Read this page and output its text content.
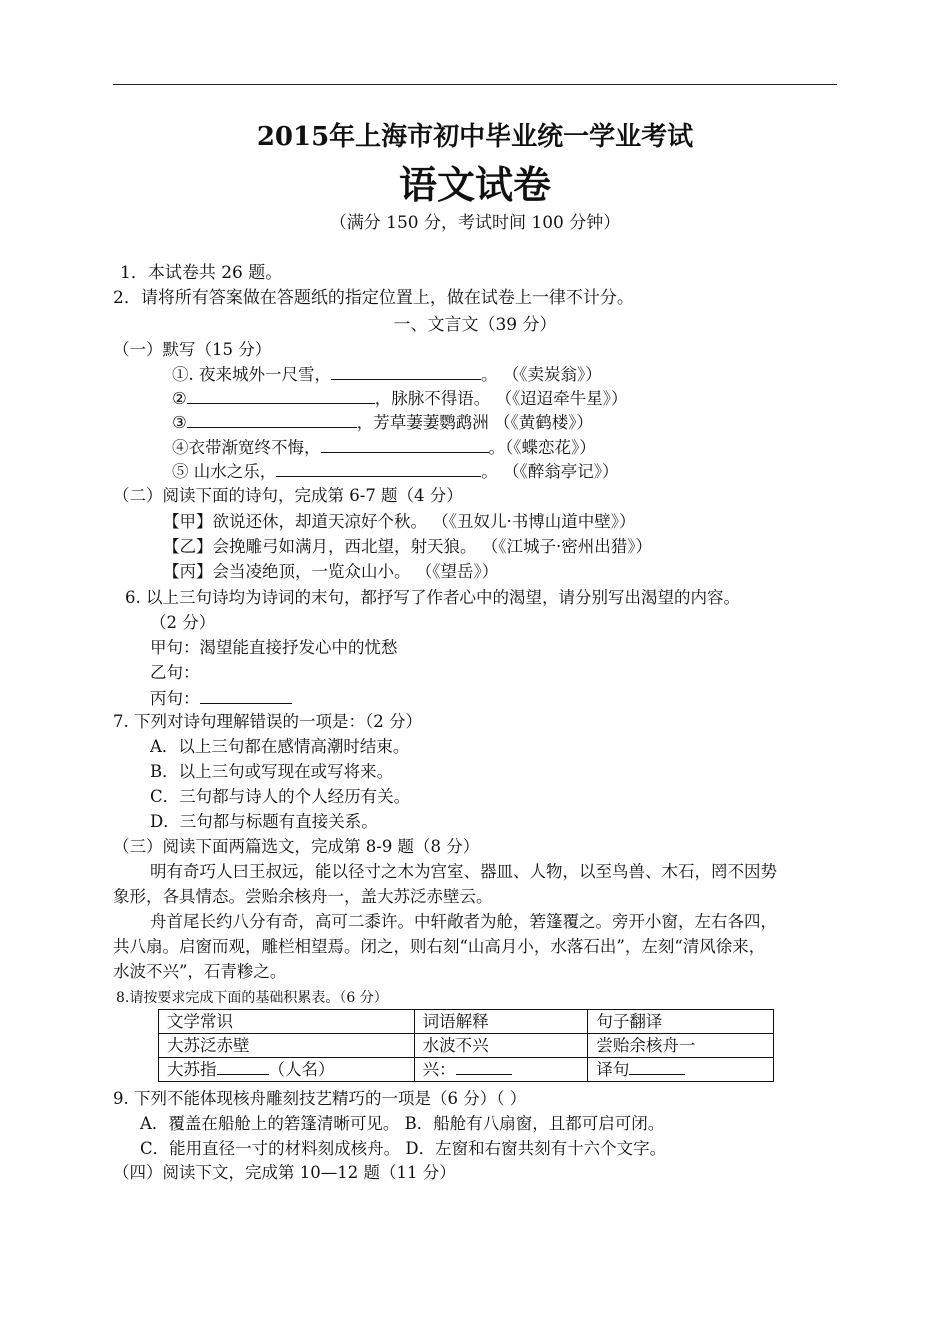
2015年上海市初中毕业统一学业考试
语文试卷
（满分 150 分，考试时间 100 分钟）
1．本试卷共 26 题。
2．请将所有答案做在答题纸的指定位置上，做在试卷上一律不计分。
一、文言文（39 分）
（一）默写（15 分）
①. 夜来城外一尺雪，	。 （《卖炭翁》）
②	，脉脉不得语。 （《迢迢牵牛星》）
③	，芳草萋萋鹦鹉洲 （《黄鹤楼》）
④衣带渐宽终不悔，	。（《蝶恋花》）
⑤ 山水之乐，	。 （《醉翁亭记》）
（二）阅读下面的诗句，完成第 6-7 题（4 分）
【甲】欲说还休，却道天凉好个秋。 （《丑奴儿·书博山道中壁》）
【乙】会挽雕弓如满月，西北望，射天狼。 （《江城子·密州出猎》）
【丙】会当凌绝顶，一览众山小。 （《望岳》）
6. 以上三句诗均为诗词的末句，都抒写了作者心中的渴望，请分别写出渴望的内容。
（2 分）
甲句：渴望能直接抒发心中的忧愁
乙句：
丙句：
7. 下列对诗句理解错误的一项是：（2 分）
A．以上三句都在感情高潮时结束。
B．以上三句或写现在或写将来。
C．三句都与诗人的个人经历有关。
D．三句都与标题有直接关系。
（三）阅读下面两篇选文，完成第 8-9 题（8 分）
明有奇巧人曰王叔远，能以径寸之木为宫室、器皿、人物，以至鸟兽、木石，罔不因势
象形，各具情态。尝贻余核舟一，盖大苏泛赤壁云。
舟首尾长约八分有奇，高可二黍许。中轩敞者为舱，箬篷覆之。旁开小窗，左右各四，
共八扇。启窗而观，雕栏相望焉。闭之，则右刻“山高月小，水落石出”，左刻“清风徐来，
水波不兴”，石青糁之。
8.请按要求完成下面的基础积累表。（6 分）
文学常识	词语解释	句子翻译
大苏泛赤壁	水波不兴	尝贻余核舟一
大苏指 （人名）	兴：	译句
9. 下列不能体现核舟雕刻技艺精巧的一项是（6 分）（ ）
A．覆盖在船舱上的箬篷清晰可见。 B．船舱有八扇窗，且都可启可闭。
C．能用直径一寸的材料刻成核舟。 D．左窗和右窗共刻有十六个文字。
（四）阅读下文，完成第 10—12 题（11 分）
